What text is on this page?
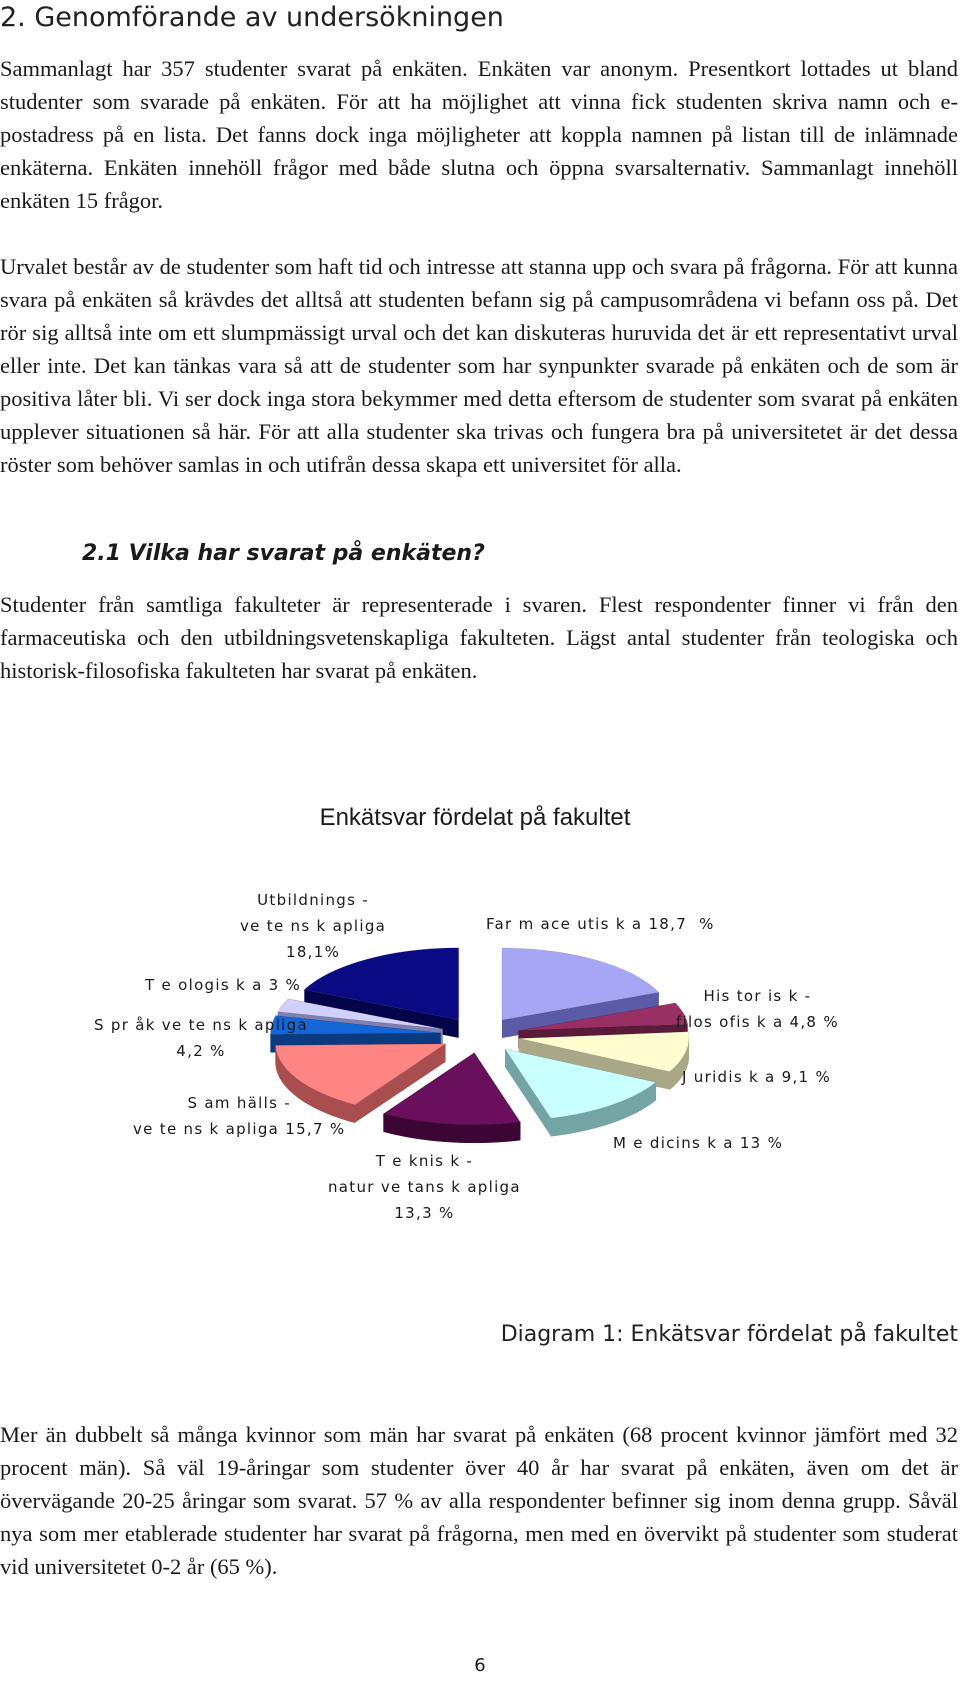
2. Genomförande av undersökningen

Sammanlagt har 357 studenter svarat på enkäten. Enkäten var anonym. Presentkort lottades ut bland studenter som svarade på enkäten. För att ha möjlighet att vinna fick studenten skriva namn och e-postadress på en lista. Det fanns dock inga möjligheter att koppla namnen på listan till de inlämnade enkäterna. Enkäten innehöll frågor med både slutna och öppna svarsalternativ. Sammanlagt innehöll enkäten 15 frågor.

Urvalet består av de studenter som haft tid och intresse att stanna upp och svara på frågorna. För att kunna svara på enkäten så krävdes det alltså att studenten befann sig på campusområdena vi befann oss på. Det rör sig alltså inte om ett slumpmässigt urval och det kan diskuteras huruvida det är ett representativt urval eller inte. Det kan tänkas vara så att de studenter som har synpunkter svarade på enkäten och de som är positiva låter bli. Vi ser dock inga stora bekymmer med detta eftersom de studenter som svarat på enkäten upplever situationen så här. För att alla studenter ska trivas och fungera bra på universitetet är det dessa röster som behöver samlas in och utifrån dessa skapa ett universitet för alla.

2.1 Vilka har svarat på enkäten?

Studenter från samtliga fakulteter är representerade i svaren. Flest respondenter finner vi från den farmaceutiska och den utbildningsvetenskapliga fakulteten. Lägst antal studenter från teologiska och historisk-filosofiska fakulteten har svarat på enkäten.

Enkätsvar fördelat på fakultet
Far m ace utis k a 18,7  %
His tor is k -
filos ofis k a 4,8 %
J uridis k a 9,1 %
M e dicins k a 13 %
T e knis k -
natur ve tans k apliga
13,3 %
S am hälls -
ve te ns k apliga 15,7 %
S pr åk ve te ns k apliga
4,2 %
T e ologis k a 3 %
Utbildnings -
ve te ns k apliga
18,1%
Diagram 1: Enkätsvar fördelat på fakultet

Mer än dubbelt så många kvinnor som män har svarat på enkäten (68 procent kvinnor jämfört med 32 procent män). Så väl 19-åringar som studenter över 40 år har svarat på enkäten, även om det är övervägande 20-25 åringar som svarat. 57 % av alla respondenter befinner sig inom denna grupp. Såväl nya som mer etablerade studenter har svarat på frågorna, men med en övervikt på studenter som studerat vid universitetet 0-2 år (65 %).

6
